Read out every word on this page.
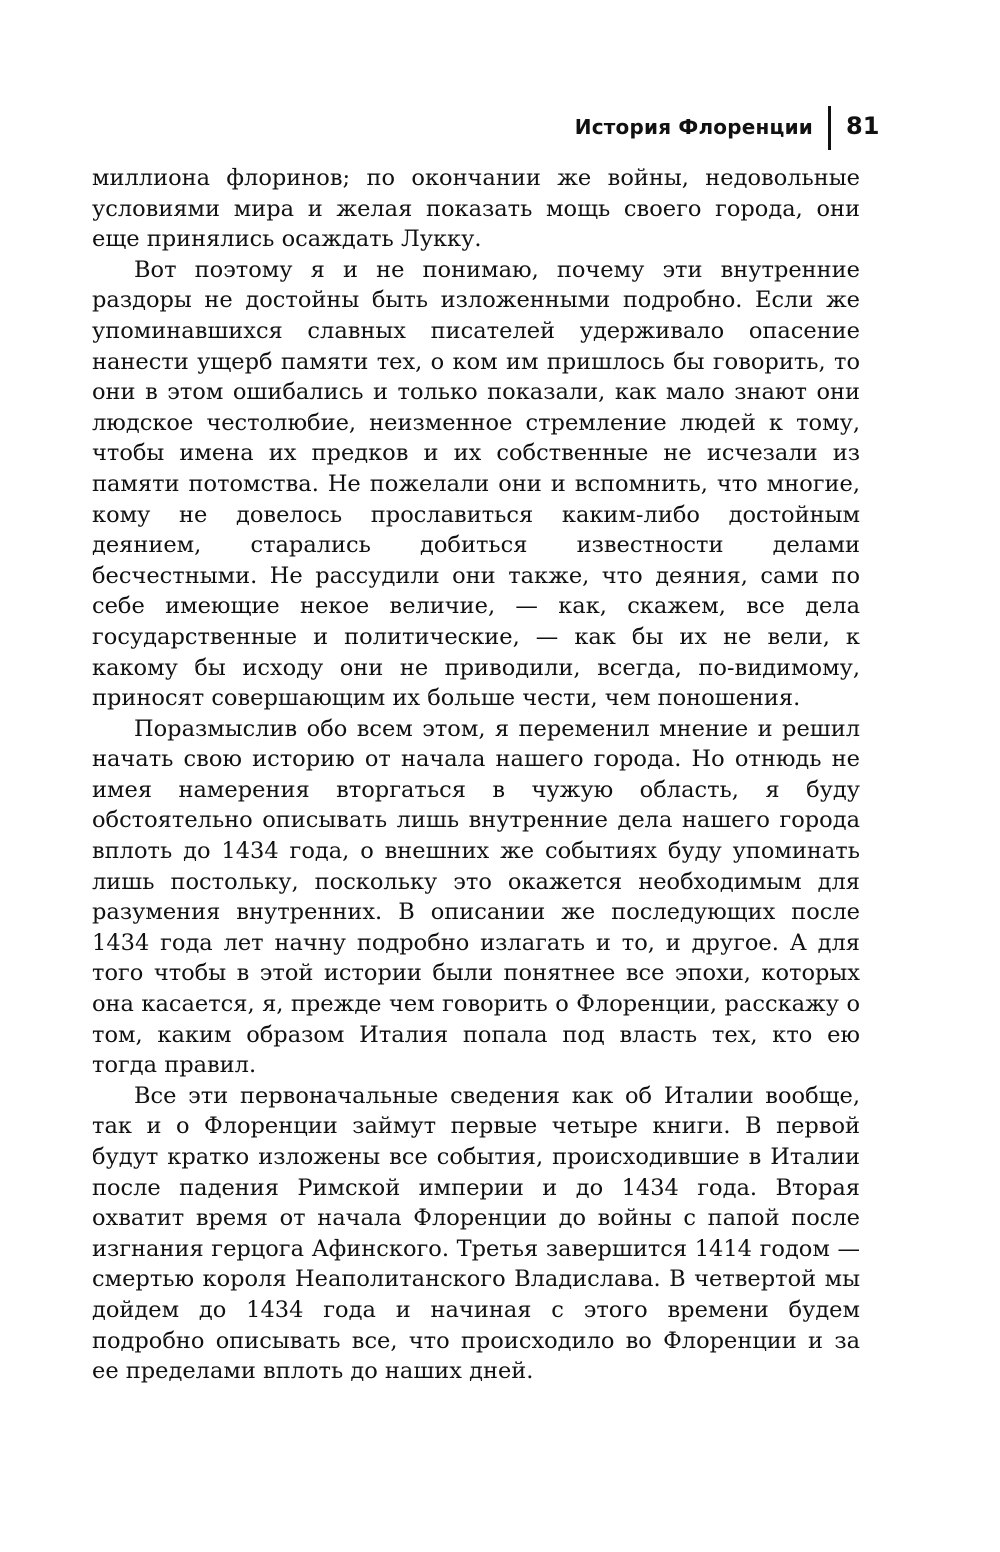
История Флоренции 81

миллиона флоринов; по окончании же войны, недовольные условиями мира и желая показать мощь своего города, они еще принялись осаждать Лукку.

Вот поэтому я и не понимаю, почему эти внутренние раздоры не достойны быть изложенными подробно. Если же упоминавшихся славных писателей удерживало опасение нанести ущерб памяти тех, о ком им пришлось бы говорить, то они в этом ошибались и только показали, как мало знают они людское честолюбие, неизменное стремление людей к тому, чтобы имена их предков и их собственные не исчезали из памяти потомства. Не пожелали они и вспомнить, что многие, кому не довелось прославиться каким-либо достойным деянием, старались добиться известности делами бесчестными. Не рассудили они также, что деяния, сами по себе имеющие некое величие, — как, скажем, все дела государственные и политические, — как бы их не вели, к какому бы исходу они не приводили, всегда, по-видимому, приносят совершающим их больше чести, чем поношения.

Поразмыслив обо всем этом, я переменил мнение и решил начать свою историю от начала нашего города. Но отнюдь не имея намерения вторгаться в чужую область, я буду обстоятельно описывать лишь внутренние дела нашего города вплоть до 1434 года, о внешних же событиях буду упоминать лишь постольку, поскольку это окажется необходимым для разумения внутренних. В описании же последующих после 1434 года лет начну подробно излагать и то, и другое. А для того чтобы в этой истории были понятнее все эпохи, которых она касается, я, прежде чем говорить о Флоренции, расскажу о том, каким образом Италия попала под власть тех, кто ею тогда правил.

Все эти первоначальные сведения как об Италии вообще, так и о Флоренции займут первые четыре книги. В первой будут кратко изложены все события, происходившие в Италии после падения Римской империи и до 1434 года. Вторая охватит время от начала Флоренции до войны с папой после изгнания герцога Афинского. Третья завершится 1414 годом — смертью короля Неаполитанского Владислава. В четвертой мы дойдем до 1434 года и начиная с этого времени будем подробно описывать все, что происходило во Флоренции и за ее пределами вплоть до наших дней.
